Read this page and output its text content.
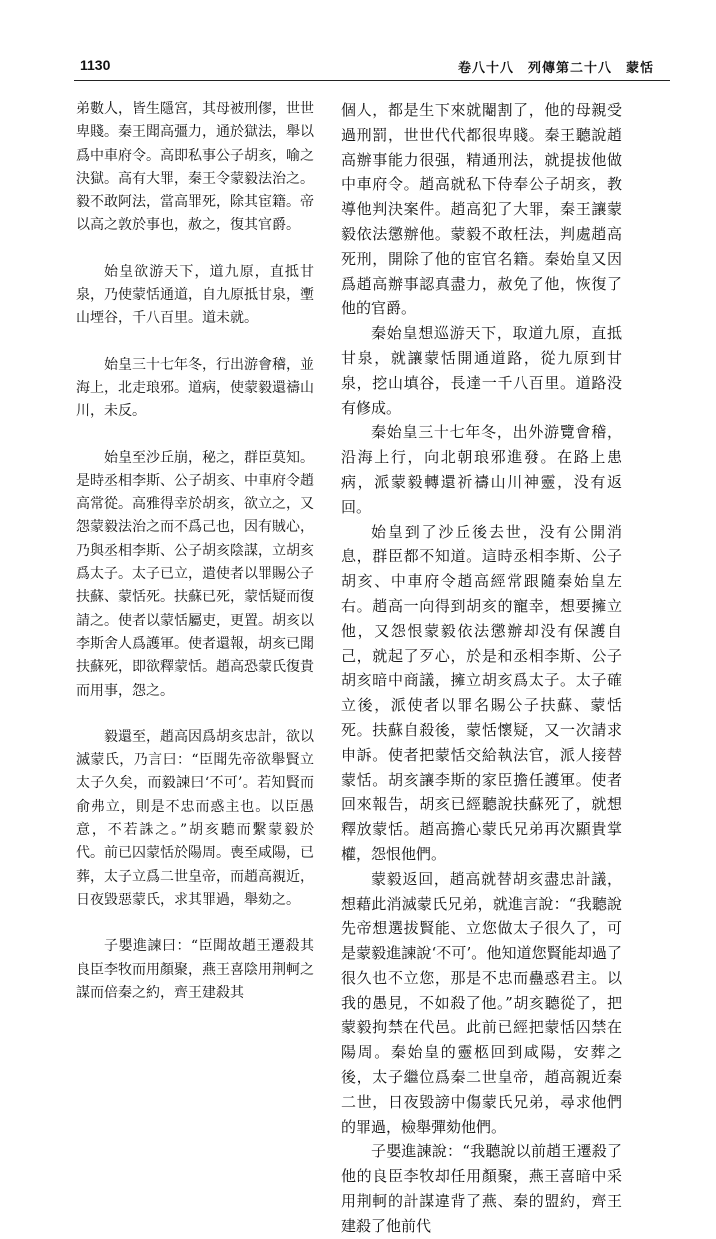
1130	卷八十八　列傳第二十八　蒙恬

弟數人，皆生隱宮，其母被刑僇，世世卑賤。秦王聞高彊力，通於獄法，舉以爲中車府令。高即私事公子胡亥，喻之決獄。高有大罪，秦王令蒙毅法治之。毅不敢阿法，當高罪死，除其宦籍。帝以高之敦於事也，赦之，復其官爵。

始皇欲游天下，道九原，直抵甘泉，乃使蒙恬通道，自九原抵甘泉，壍山堙谷，千八百里。道未就。

始皇三十七年冬，行出游會稽，並海上，北走琅邪。道病，使蒙毅還禱山川，未反。

始皇至沙丘崩，秘之，群臣莫知。是時丞相李斯、公子胡亥、中車府令趙高常從。高雅得幸於胡亥，欲立之，又怨蒙毅法治之而不爲己也，因有賊心，乃與丞相李斯、公子胡亥陰謀，立胡亥爲太子。太子已立，遣使者以罪賜公子扶蘇、蒙恬死。扶蘇已死，蒙恬疑而復請之。使者以蒙恬屬吏，更置。胡亥以李斯舍人爲護軍。使者還報，胡亥已聞扶蘇死，即欲釋蒙恬。趙高恐蒙氏復貴而用事，怨之。

毅還至，趙高因爲胡亥忠計，欲以滅蒙氏，乃言曰：“臣聞先帝欲舉賢立太子久矣，而毅諫曰‘不可’。若知賢而俞弗立，則是不忠而惑主也。以臣愚意，不若誅之。”胡亥聽而繫蒙毅於代。前已囚蒙恬於陽周。喪至咸陽，已葬，太子立爲二世皇帝，而趙高親近，日夜毀惡蒙氏，求其罪過，舉劾之。

子嬰進諫曰：“臣聞故趙王遷殺其良臣李牧而用顏聚，燕王喜陰用荆軻之謀而倍秦之約，齊王建殺其

個人，都是生下來就閹割了，他的母親受過刑罰，世世代代都很卑賤。秦王聽說趙高辦事能力很强，精通刑法，就提拔他做中車府令。趙高就私下侍奉公子胡亥，教導他判決案件。趙高犯了大罪，秦王讓蒙毅依法懲辦他。蒙毅不敢枉法，判處趙高死刑，開除了他的宦官名籍。秦始皇又因爲趙高辦事認真盡力，赦免了他，恢復了他的官爵。

秦始皇想巡游天下，取道九原，直抵甘泉，就讓蒙恬開通道路，從九原到甘泉，挖山填谷，長達一千八百里。道路没有修成。

秦始皇三十七年冬，出外游覽會稽，沿海上行，向北朝琅邪進發。在路上患病，派蒙毅轉還祈禱山川神靈，没有返回。

始皇到了沙丘後去世，没有公開消息，群臣都不知道。這時丞相李斯、公子胡亥、中車府令趙高經常跟隨秦始皇左右。趙高一向得到胡亥的寵幸，想要擁立他，又怨恨蒙毅依法懲辦却没有保護自己，就起了歹心，於是和丞相李斯、公子胡亥暗中商議，擁立胡亥爲太子。太子確立後，派使者以罪名賜公子扶蘇、蒙恬死。扶蘇自殺後，蒙恬懷疑，又一次請求申訴。使者把蒙恬交給執法官，派人接替蒙恬。胡亥讓李斯的家臣擔任護軍。使者回來報告，胡亥已經聽說扶蘇死了，就想釋放蒙恬。趙高擔心蒙氏兄弟再次顯貴掌權，怨恨他們。

蒙毅返回，趙高就替胡亥盡忠計議，想藉此消滅蒙氏兄弟，就進言說：“我聽說先帝想選拔賢能、立您做太子很久了，可是蒙毅進諫說‘不可’。他知道您賢能却過了很久也不立您，那是不忠而蠱惑君主。以我的愚見，不如殺了他。”胡亥聽從了，把蒙毅拘禁在代邑。此前已經把蒙恬囚禁在陽周。秦始皇的靈柩回到咸陽，安葬之後，太子繼位爲秦二世皇帝，趙高親近秦二世，日夜毀謗中傷蒙氏兄弟，尋求他們的罪過，檢舉彈劾他們。

子嬰進諫說：“我聽說以前趙王遷殺了他的良臣李牧却任用顏聚，燕王喜暗中采用荆軻的計謀違背了燕、秦的盟約，齊王建殺了他前代
